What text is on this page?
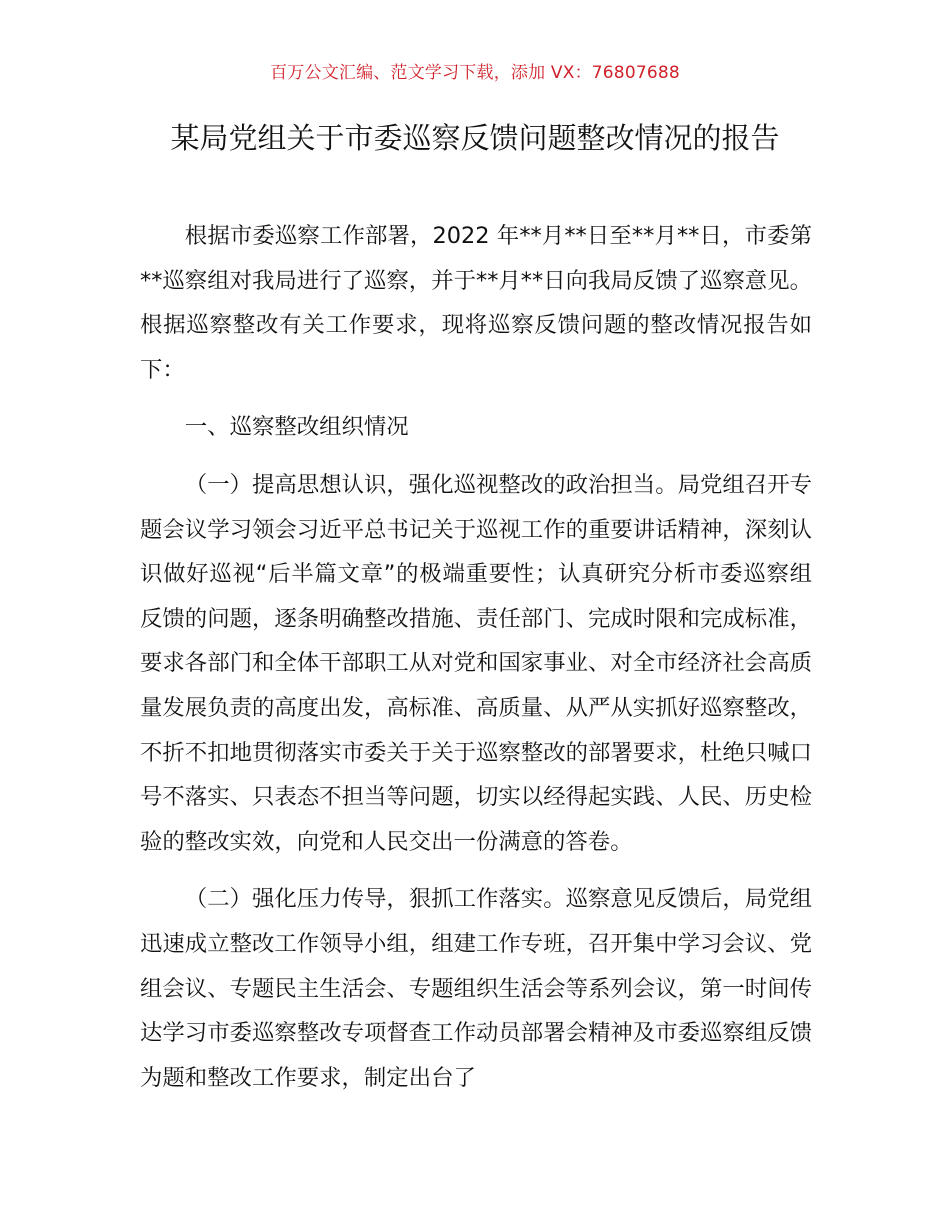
百万公文汇编、范文学习下载，添加 VX：76807688
某局党组关于市委巡察反馈问题整改情况的报告

根据市委巡察工作部署，2022 年**月**日至**月**日，市委第**巡察组对我局进行了巡察，并于**月**日向我局反馈了巡察意见。根据巡察整改有关工作要求，现将巡察反馈问题的整改情况报告如下：

一、巡察整改组织情况

（一）提高思想认识，强化巡视整改的政治担当。局党组召开专题会议学习领会习近平总书记关于巡视工作的重要讲话精神，深刻认识做好巡视“后半篇文章”的极端重要性；认真研究分析市委巡察组反馈的问题，逐条明确整改措施、责任部门、完成时限和完成标准，要求各部门和全体干部职工从对党和国家事业、对全市经济社会高质量发展负责的高度出发，高标准、高质量、从严从实抓好巡察整改，不折不扣地贯彻落实市委关于关于巡察整改的部署要求，杜绝只喊口号不落实、只表态不担当等问题，切实以经得起实践、人民、历史检验的整改实效，向党和人民交出一份满意的答卷。

（二）强化压力传导，狠抓工作落实。巡察意见反馈后，局党组迅速成立整改工作领导小组，组建工作专班，召开集中学习会议、党组会议、专题民主生活会、专题组织生活会等系列会议，第一时间传达学习市委巡察整改专项督查工作动员部署会精神及市委巡察组反馈为题和整改工作要求，制定出台了
